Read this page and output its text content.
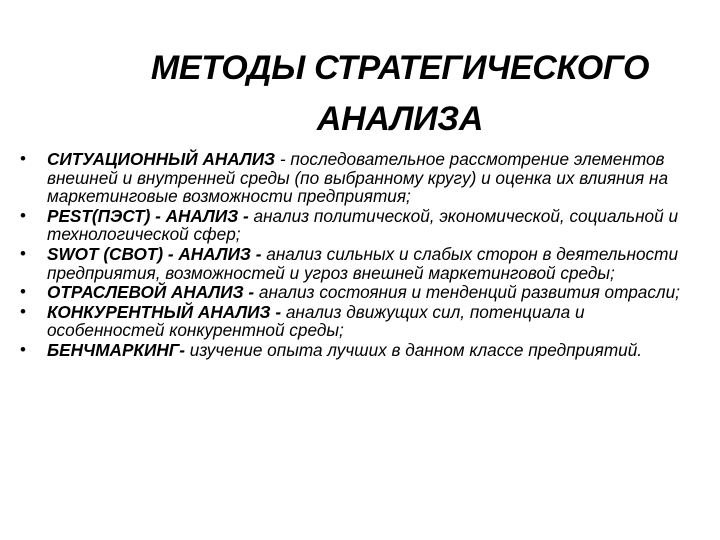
МЕТОДЫ СТРАТЕГИЧЕСКОГО
АНАЛИЗА
• СИТУАЦИОННЫЙ АНАЛИЗ - последовательное рассмотрение элементов внешней и внутренней среды (по выбранному кругу) и оценка их влияния на маркетинговые возможности предприятия;
• PEST(ПЭСТ) - АНАЛИЗ - анализ политической, экономической, социальной и технологической сфер;
• SWOT (СВОТ) - АНАЛИЗ - анализ сильных и слабых сторон в деятельности предприятия, возможностей и угроз внешней маркетинговой среды;
• ОТРАСЛЕВОЙ АНАЛИЗ - анализ состояния и тенденций развития отрасли;
• КОНКУРЕНТНЫЙ АНАЛИЗ - анализ движущих сил, потенциала и особенностей конкурентной среды;
• БЕНЧМАРКИНГ- изучение опыта лучших в данном классе предприятий.
